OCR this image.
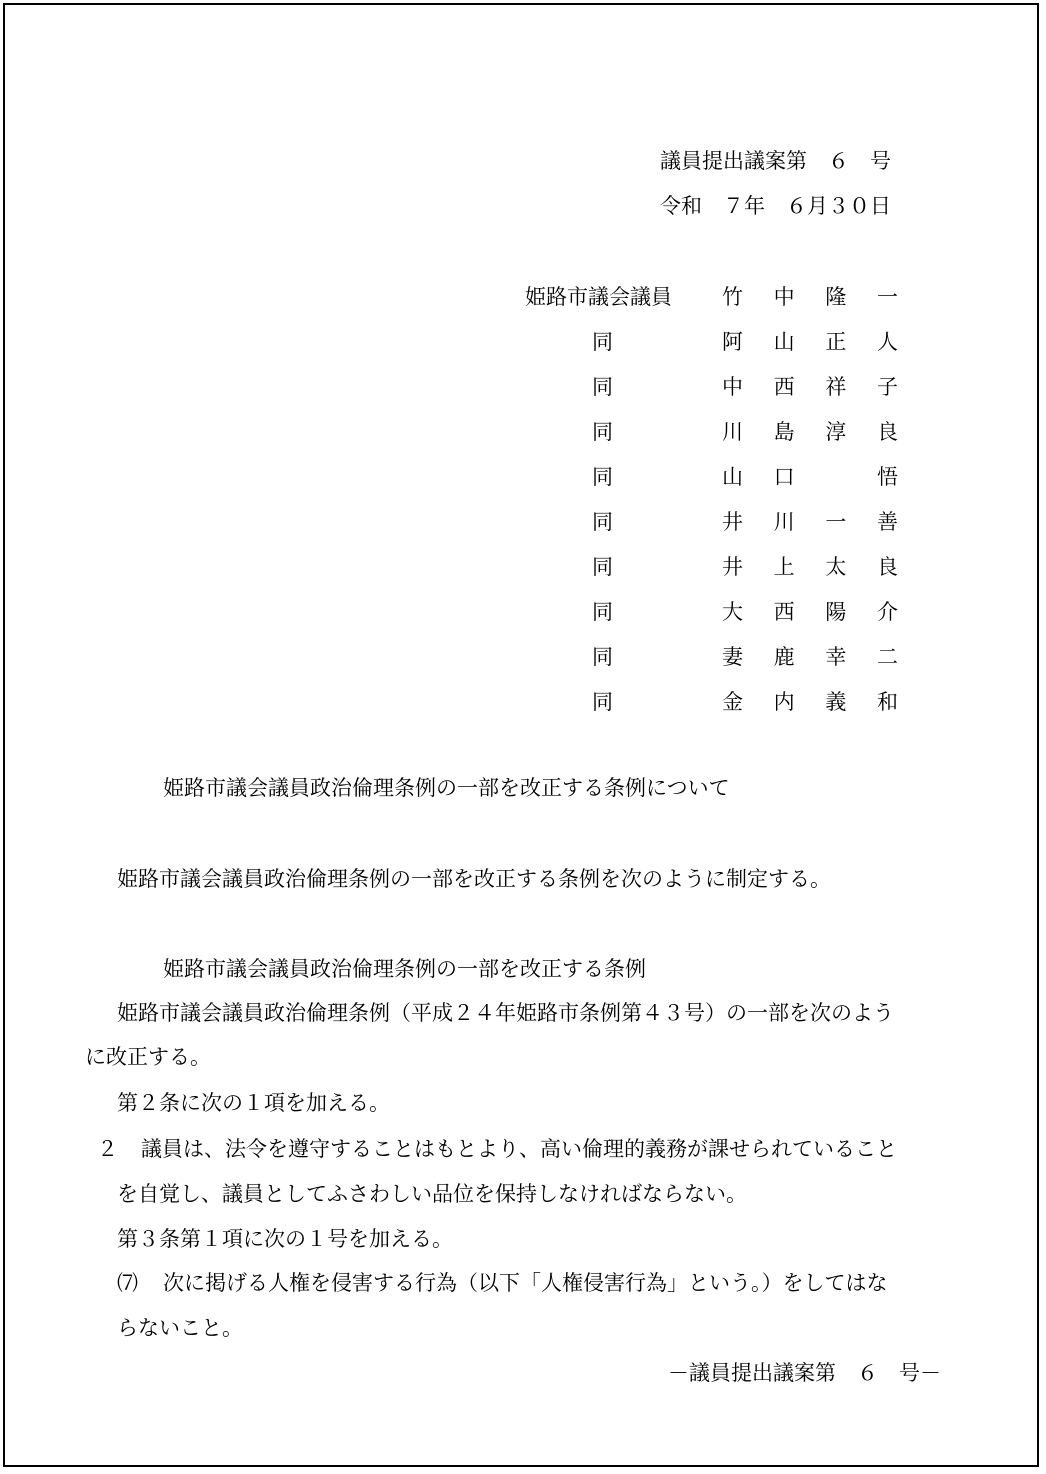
議員提出議案第　６　号
令和　７年　６月３０日
姫路市議会議員 竹 中 隆 一
同	阿 山 正 人
同	中 西 祥 子
同	川 島 淳 良
同	山 口	悟
同	井 川 一 善
同	井 上 太 良
同	大 西 陽 介
同	妻 鹿 幸 二
同	金 内 義 和
姫路市議会議員政治倫理条例の一部を改正する条例について
姫路市議会議員政治倫理条例の一部を改正する条例を次のように制定する。
姫路市議会議員政治倫理条例の一部を改正する条例
姫路市議会議員政治倫理条例（平成２４年姫路市条例第４３号）の一部を次のよう
に改正する。
第２条に次の１項を加える。
２ 議員は、法令を遵守することはもとより、高い倫理的義務が課せられていること
を自覚し、議員としてふさわしい品位を保持しなければならない。
第３条第１項に次の１号を加える。
⑺ 次に掲げる人権を侵害する行為（以下「人権侵害行為」という。）をしてはな
らないこと。
－議員提出議案第　６　号－
